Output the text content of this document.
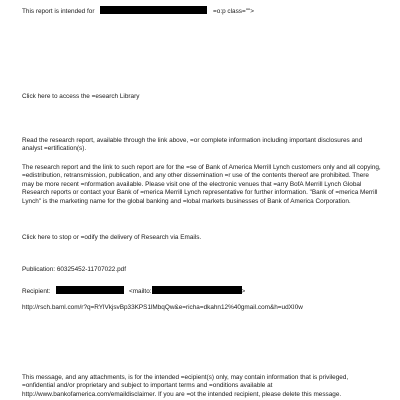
This report is intended for	=o:p class="">
Click here to access the =esearch Library
Read the research report, available through the link above, =or complete information including important disclosures and analyst =ertification(s).
The research report and the link to such report are for the =se of Bank of America Merrill Lynch customers only and all copying, =edistribution, retransmission, publication, and any other dissemination =r use of the contents thereof are prohibited. There may be more recent =nformation available. Please visit one of the electronic venues that =arry BofA Merrill Lynch Global Research reports or contact your Bank of =merica Merrill Lynch representative for further information. "Bank of =merica Merrill Lynch" is the marketing name for the global banking and =lobal markets businesses of Bank of America Corporation.
Click here to stop or =odify the delivery of Research via Emails.
Publication: 60325452-11707022.pdf
Recipient:	<mailto:	>
http://rsch.baml.com/r?q=RYlVkjsvBp33KPS1lMbqQw&e=richa=dkahn12%40gmail.com&h=udXI0w
This message, and any attachments, is for the intended =ecipient(s) only, may contain information that is privileged, =onfidential and/or proprietary and subject to important terms and =onditions available at http://www.bankofamerica.com/emaildisclaimer. If you are =ot the intended recipient, please delete this message.
